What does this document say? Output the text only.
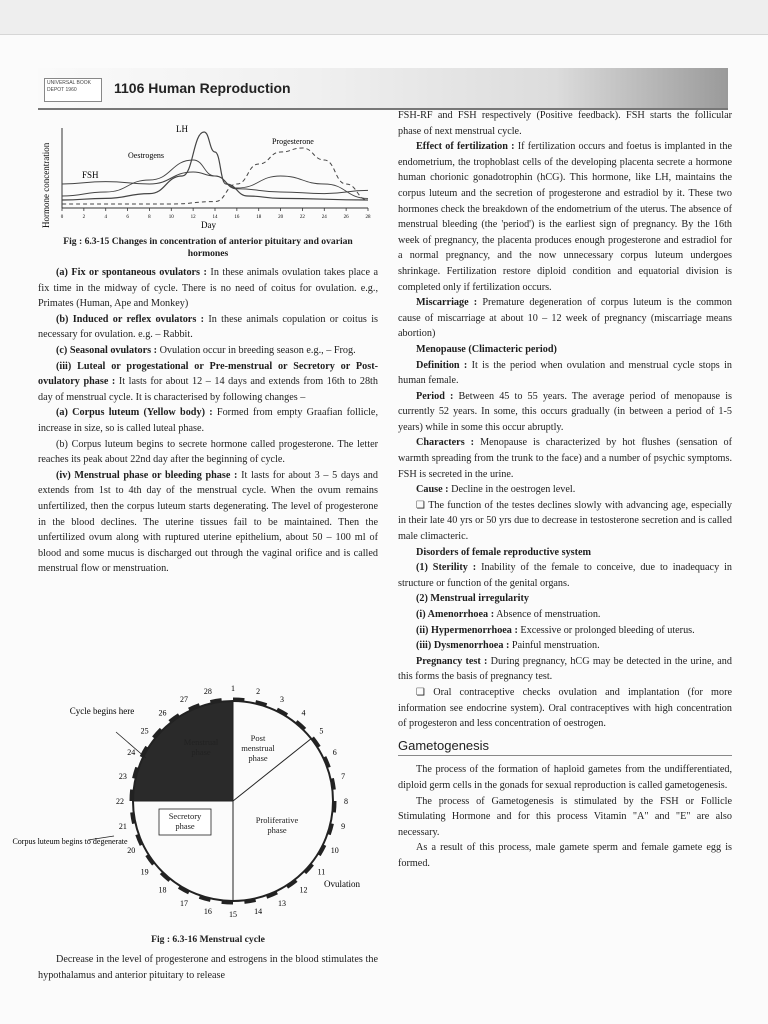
UNIVERSAL BOOK DEPOT 1960	1106 Human Reproduction
Hormone concentration 0	2	4	6	8	10	12	14	16	18	20	22	24	26	28
Day
LH
Oestrogens
FSH
Progesterone

Fig : 6.3-15 Changes in concentration of anterior pituitary and ovarian hormones

(a) Fix or spontaneous ovulators : In these animals ovulation takes place a fix time in the midway of cycle. There is no need of coitus for ovulation. e.g., Primates (Human, Ape and Monkey)

(b) Induced or reflex ovulators : In these animals copulation or coitus is necessary for ovulation. e.g. – Rabbit.

(c) Seasonal ovulators : Ovulation occur in breeding season e.g., – Frog.

(iii) Luteal or progestational or Pre-menstrual or Secretory or Post-ovulatory phase : It lasts for about 12 – 14 days and extends from 16th to 28th day of menstrual cycle. It is characterised by following changes –

(a) Corpus luteum (Yellow body) : Formed from empty Graafian follicle, increase in size, so is called luteal phase.

(b) Corpus luteum begins to secrete hormone called progesterone. The letter reaches its peak about 22nd day after the beginning of cycle.

(iv) Menstrual phase or bleeding phase : It lasts for about 3 – 5 days and extends from 1st to 4th day of the menstrual cycle. When the ovum remains unfertilized, then the corpus luteum starts degenerating. The level of progesterone in the blood declines. The uterine tissues fail to be maintained. Then the unfertilized ovum along with ruptured uterine epithelium, about 50 – 100 ml of blood and some mucus is discharged out through the vaginal orifice and is called menstrual flow or menstruation.

1	2
3
4
5
6
7
8
9
10
11
12
13
14
15
16
17
18
19
20
21
22
23
24
25
26
27
28
Menstrual
phase
Post
menstrual
phase
Secretory
phase
Proliferative
phase
Cycle begins here
Corpus luteum begins to degenerate
Ovulation

Fig : 6.3-16 Menstrual cycle

Decrease in the level of progesterone and estrogens in the blood stimulates the hypothalamus and anterior pituitary to release

FSH-RF and FSH respectively (Positive feedback). FSH starts the follicular phase of next menstrual cycle.

Effect of fertilization : If fertilization occurs and foetus is implanted in the endometrium, the trophoblast cells of the developing placenta secrete a hormone human chorionic gonadotrophin (hCG). This hormone, like LH, maintains the corpus luteum and the secretion of progesterone and estradiol by it. These two hormones check the breakdown of the endometrium of the uterus. The absence of menstrual bleeding (the 'period') is the earliest sign of pregnancy. By the 16th week of pregnancy, the placenta produces enough progesterone and estradiol for a normal pregnancy, and the now unnecessary corpus luteum undergoes shrinkage. Fertilization restore diploid condition and equatorial division is completed only if fertilization occurs.

Miscarriage : Premature degeneration of corpus luteum is the common cause of miscarriage at about 10 – 12 week of pregnancy (miscarriage means abortion)

Menopause (Climacteric period)

Definition : It is the period when ovulation and menstrual cycle stops in human female.

Period : Between 45 to 55 years. The average period of menopause is currently 52 years. In some, this occurs gradually (in between a period of 1-5 years) while in some this occur abruptly.

Characters : Menopause is characterized by hot flushes (sensation of warmth spreading from the trunk to the face) and a number of psychic symptoms. FSH is secreted in the urine.

Cause : Decline in the oestrogen level.

❏ The function of the testes declines slowly with advancing age, especially in their late 40 yrs or 50 yrs due to decrease in testosterone secretion and is called male climacteric.

Disorders of female reproductive system

(1) Sterility : Inability of the female to conceive, due to inadequacy in structure or function of the genital organs.

(2) Menstrual irregularity

(i) Amenorrhoea : Absence of menstruation.

(ii) Hypermenorrhoea : Excessive or prolonged bleeding of uterus.

(iii) Dysmenorrhoea : Painful menstruation.

Pregnancy test : During pregnancy, hCG may be detected in the urine, and this forms the basis of pregnancy test.

❏ Oral contraceptive checks ovulation and implantation (for more information see endocrine system). Oral contraceptives with high concentration of progesteron and less concentration of oestrogen.

Gametogenesis

The process of the formation of haploid gametes from the undifferentiated, diploid germ cells in the gonads for sexual reproduction is called gametogenesis.

The process of Gametogenesis is stimulated by the FSH or Follicle Stimulating Hormone and for this process Vitamin "A" and "E" are also necessary.

As a result of this process, male gamete sperm and female gamete egg is formed.
